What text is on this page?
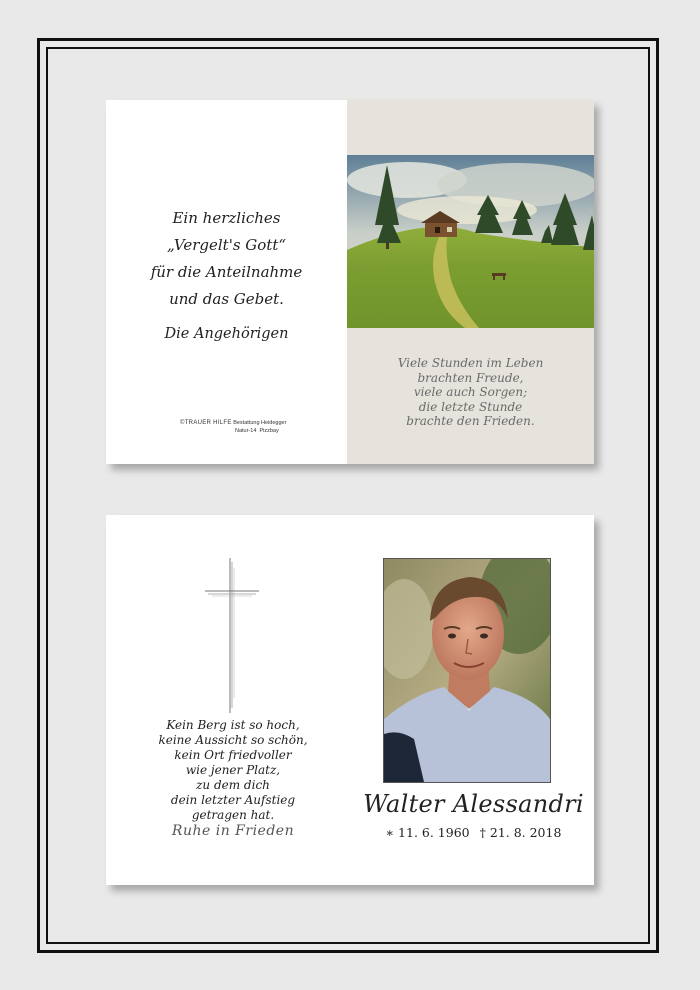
Ein herzliches
„Vergelt's Gott“
für die Anteilnahme
und das Gebet.
Die Angehörigen
©TRAUER HILFE Bestattung Heidegger
Natur-14 Pizzbay
Viele Stunden im Leben
brachten Freude,
viele auch Sorgen;
die letzte Stunde
brachte den Frieden.
Kein Berg ist so hoch,
keine Aussicht so schön,
kein Ort friedvoller
wie jener Platz,
zu dem dich
dein letzter Aufstieg
getragen hat.
Ruhe in Frieden
Walter Alessandri
∗ 11. 6. 1960 † 21. 8. 2018
